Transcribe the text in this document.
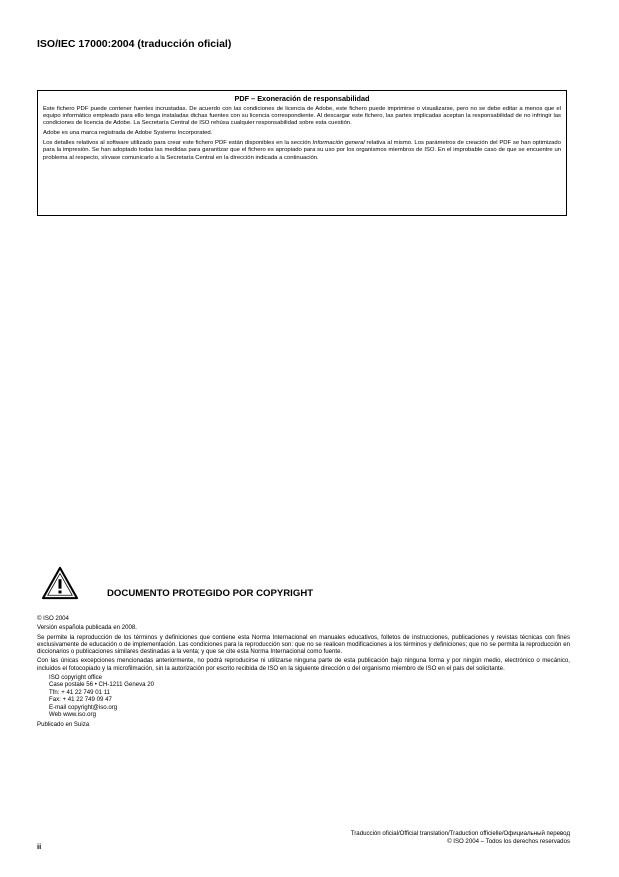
ISO/IEC 17000:2004 (traducción oficial)
PDF – Exoneración de responsabilidad

Este fichero PDF puede contener fuentes incrustadas. De acuerdo con las condiciones de licencia de Adobe, este fichero puede imprimirse o visualizarse, pero no se debe editar a menos que el equipo informático empleado para ello tenga instaladas dichas fuentes con su licencia correspondiente. Al descargar este fichero, las partes implicadas aceptan la responsabilidad de no infringir las condiciones de licencia de Adobe. La Secretaría Central de ISO rehúsa cualquier responsabilidad sobre esta cuestión.

Adobe es una marca registrada de Adobe Systems Incorporated.

Los detalles relativos al software utilizado para crear este fichero PDF están disponibles en la sección Información general relativa al mismo. Los parámetros de creación del PDF se han optimizado para la impresión. Se han adoptado todas las medidas para garantizar que el fichero es apropiado para su uso por los organismos miembros de ISO. En el improbable caso de que se encuentre un problema al respecto, sírvase comunicarlo a la Secretaría Central en la dirección indicada a continuación.

DOCUMENTO PROTEGIDO POR COPYRIGHT

© ISO 2004

Versión española publicada en 2008.

Se permite la reproducción de los términos y definiciones que contiene esta Norma Internacional en manuales educativos, folletos de instrucciones, publicaciones y revistas técnicas con fines exclusivamente de educación o de implementación. Las condiciones para la reproducción son: que no se realicen modificaciones a los términos y definiciones; que no se permita la reproducción en diccionarios o publicaciones similares destinadas a la venta; y que se cite esta Norma Internacional como fuente.

Con las únicas excepciones mencionadas anteriormente, no podrá reproducirse ni utilizarse ninguna parte de esta publicación bajo ninguna forma y por ningún medio, electrónico o mecánico, incluidos el fotocopiado y la microfilmación, sin la autorización por escrito recibida de ISO en la siguiente dirección o del organismo miembro de ISO en el país del solicitante.

ISO copyright office
Case postale 56 • CH-1211 Geneva 20
Tfn: + 41 22 749 01 11
Fax: + 41 22 749 09 47
E-mail copyright@iso.org
Web www.iso.org

Publicado en Suiza

ii
Traducción oficial/Official translation/Traduction officielle/Официальный перевод
© ISO 2004 – Todos los derechos reservados
